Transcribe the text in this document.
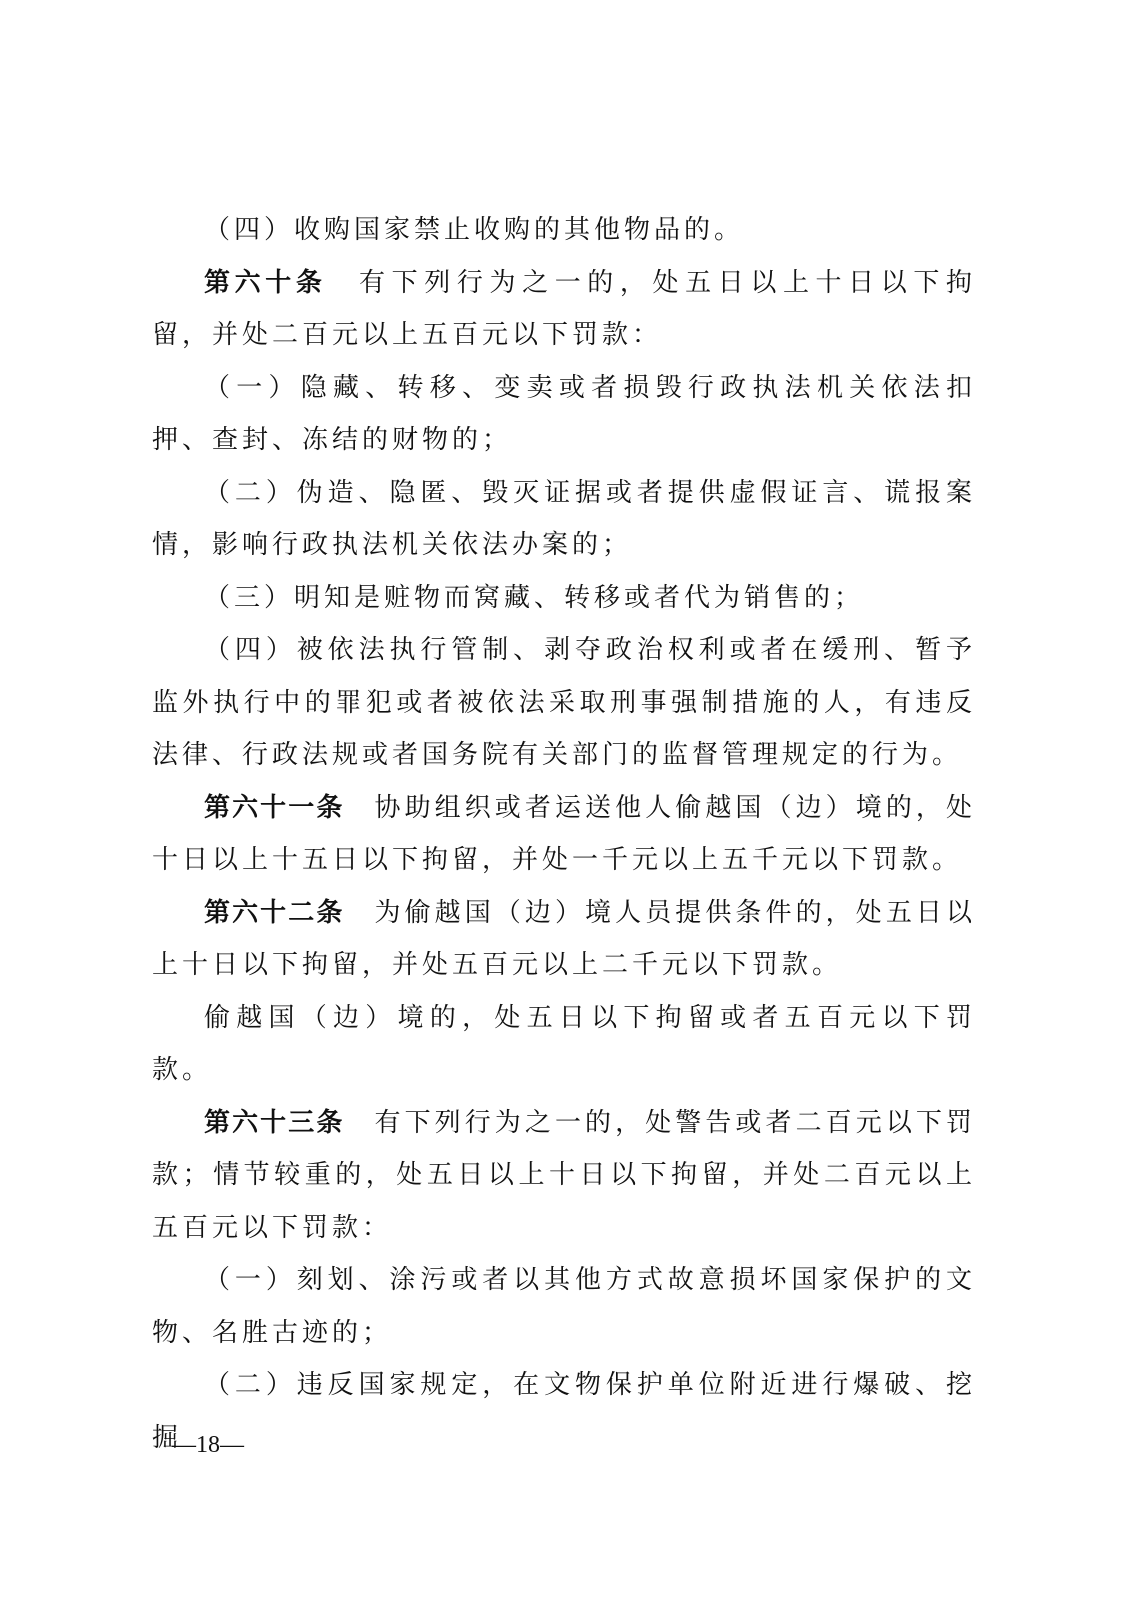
（四）收购国家禁止收购的其他物品的。

第六十条 有下列行为之一的，处五日以上十日以下拘留，并处二百元以上五百元以下罚款：

（一）隐藏、转移、变卖或者损毁行政执法机关依法扣押、查封、冻结的财物的；

（二）伪造、隐匿、毁灭证据或者提供虚假证言、谎报案情，影响行政执法机关依法办案的；

（三）明知是赃物而窝藏、转移或者代为销售的；

（四）被依法执行管制、剥夺政治权利或者在缓刑、暂予监外执行中的罪犯或者被依法采取刑事强制措施的人，有违反法律、行政法规或者国务院有关部门的监督管理规定的行为。

第六十一条 协助组织或者运送他人偷越国（边）境的，处十日以上十五日以下拘留，并处一千元以上五千元以下罚款。

第六十二条 为偷越国（边）境人员提供条件的，处五日以上十日以下拘留，并处五百元以上二千元以下罚款。

偷越国（边）境的，处五日以下拘留或者五百元以下罚款。

第六十三条 有下列行为之一的，处警告或者二百元以下罚款；情节较重的，处五日以上十日以下拘留，并处二百元以上五百元以下罚款：

（一）刻划、涂污或者以其他方式故意损坏国家保护的文物、名胜古迹的；

（二）违反国家规定，在文物保护单位附近进行爆破、挖掘

—18—
